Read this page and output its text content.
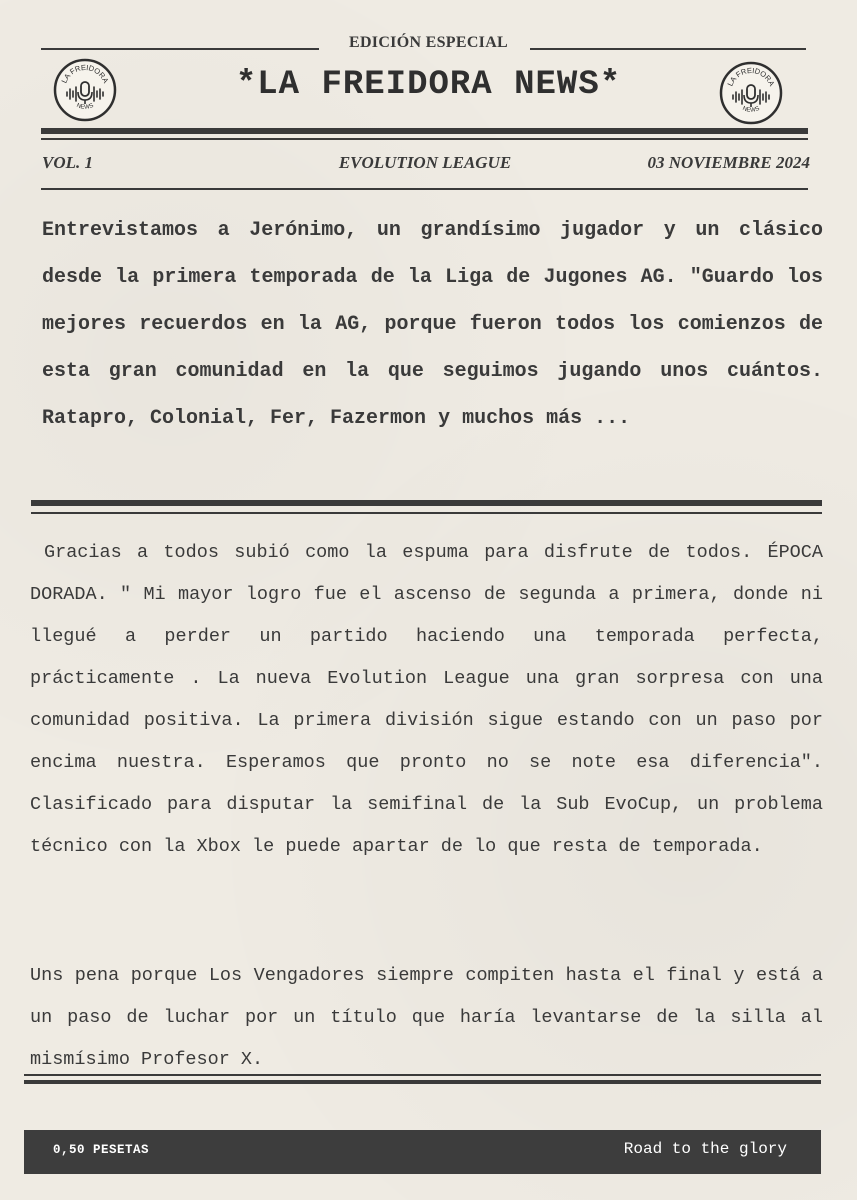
EDICIÓN ESPECIAL
LA FREIDORA
NEWS
*LA FREIDORA NEWS*	LA FREIDORA
NEWS
VOL. 1	EVOLUTION LEAGUE	03 NOVIEMBRE 2024
Entrevistamos a Jerónimo, un grandísimo jugador y un clásico desde la primera temporada de la Liga de Jugones AG. "Guardo los mejores recuerdos en la AG, porque fueron todos los comienzos de esta gran comunidad en la que seguimos jugando unos cuántos. Ratapro, Colonial, Fer, Fazermon y muchos más ...
Gracias a todos subió como la espuma para disfrute de todos. ÉPOCA DORADA. " Mi mayor logro fue el ascenso de segunda a primera, donde ni llegué a perder un partido haciendo una temporada perfecta, prácticamente . La nueva Evolution League una gran sorpresa con una comunidad positiva. La primera división sigue estando con un paso por encima nuestra. Esperamos que pronto no se note esa diferencia". Clasificado para disputar la semifinal de la Sub EvoCup, un problema técnico con la Xbox le puede apartar de lo que resta de temporada.
Uns pena porque Los Vengadores siempre compiten hasta el final y está a un paso de luchar por un título que haría levantarse de la silla al mismísimo Profesor X.
0,50 PESETAS	Road to the glory
